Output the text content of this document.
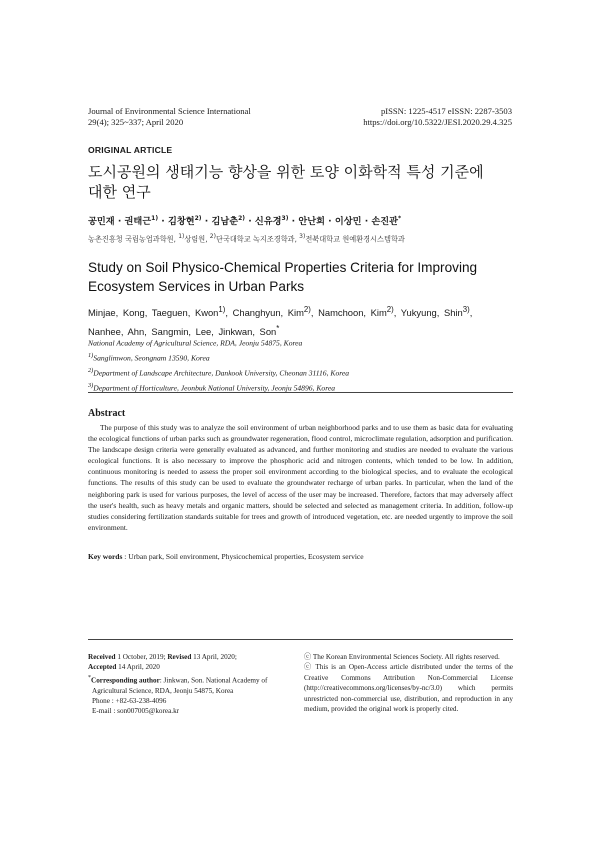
Journal of Environmental Science International
29(4); 325~337; April 2020
pISSN: 1225-4517 eISSN: 2287-3503
https://doi.org/10.5322/JESI.2020.29.4.325
ORIGINAL ARTICLE
도시공원의 생태기능 향상을 위한 토양 이화학적 특성 기준에
대한 연구
공민재 · 권태근$^{1)}$ · 김창현$^{2)}$ · 김남춘$^{2)}$ · 신유경$^{3)}$ · 안난희 · 이상민 · 손진관*
농촌진흥청 국립농업과학원, $^{1)}$상림원, $^{2)}$단국대학교 녹지조경학과, $^{3)}$전북대학교 원예환경시스템학과
Study on Soil Physico-Chemical Properties Criteria for Improving
Ecosystem Services in Urban Parks
Minjae, Kong, Taeguen, Kwon$^{1)}$, Changhyun, Kim$^{2)}$, Namchoon, Kim$^{2)}$, Yukyung, Shin$^{3)}$,
Nanhee, Ahn, Sangmin, Lee, Jinkwan, Son*
National Academy of Agricultural Science, RDA, Jeonju 54875, Korea
$^{1)}$Sanglimwon, Seongnam 13590, Korea
$^{2)}$Department of Landscape Architecture, Dankook University, Cheonan 31116, Korea
$^{3)}$Department of Horticulture, Jeonbuk National University, Jeonju 54896, Korea
Abstract
The purpose of this study was to analyze the soil environment of urban neighborhood parks and to use them as basic data for evaluating the ecological functions of urban parks such as groundwater regeneration, flood control, microclimate regulation, adsorption and purification. The landscape design criteria were generally evaluated as advanced, and further monitoring and studies are needed to evaluate the various ecological functions. It is also necessary to improve the phosphoric acid and nitrogen contents, which tended to be low. In addition, continuous monitoring is needed to assess the proper soil environment according to the biological species, and to evaluate the ecological functions. The results of this study can be used to evaluate the groundwater recharge of urban parks. In particular, when the land of the neighboring park is used for various purposes, the level of access of the user may be increased. Therefore, factors that may adversely affect the user's health, such as heavy metals and organic matters, should be selected and selected as management criteria. In addition, follow-up studies considering fertilization standards suitable for trees and growth of introduced vegetation, etc. are needed urgently to improve the soil environment.
Key words : Urban park, Soil environment, Physicochemical properties, Ecosystem service
Received 1 October, 2019; Revised 13 April, 2020;
Accepted 14 April, 2020
*Corresponding author: Jinkwan, Son. National Academy of
Agricultural Science, RDA, Jeonju 54875, Korea
Phone : +82-63-238-4096
E-mail : son007005@korea.kr
ⓒ The Korean Environmental Sciences Society. All rights reserved.
ⓒ This is an Open-Access article distributed under the terms of the Creative Commons Attribution Non-Commercial License (http://creativecommons.org/licenses/by-nc/3.0) which permits unrestricted non-commercial use, distribution, and reproduction in any medium, provided the original work is properly cited.
